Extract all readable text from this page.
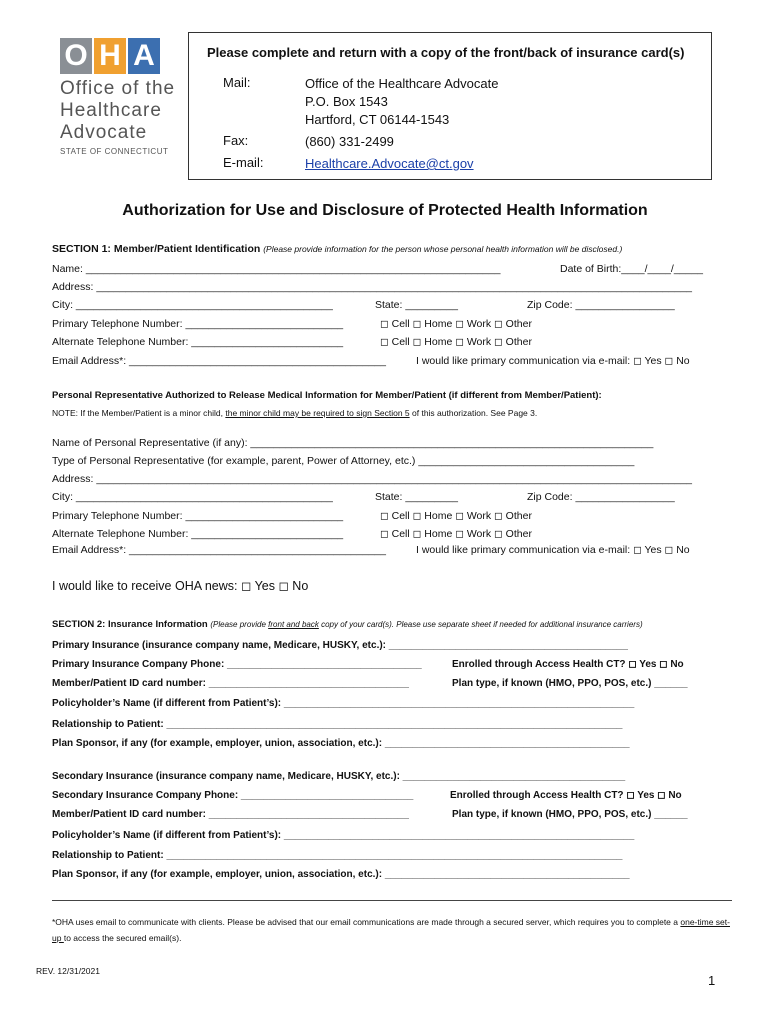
O H A
Office of the
Healthcare
Advocate
STATE OF CONNECTICUT
Please complete and return with a copy of the front/back of insurance card(s)
Mail:	Office of the Healthcare Advocate
P.O. Box 1543
Hartford, CT 06144-1543
Fax:	(860) 331-2499
E-mail:	Healthcare.Advocate@ct.gov
Authorization for Use and Disclosure of Protected Health Information
SECTION 1: Member/Patient Identification (Please provide information for the person whose personal health information will be disclosed.)
Name: _______________________________________________________________________	Date of Birth:____/____/_____
Address: ______________________________________________________________________________________________________
City: ____________________________________________	State: _________	Zip Code: _________________
Primary Telephone Number: ___________________________	◻ Cell ◻ Home ◻ Work ◻ Other
Alternate Telephone Number: __________________________	◻ Cell ◻ Home ◻ Work ◻ Other
Email Address*: ____________________________________________	I would like primary communication via e-mail: ◻ Yes ◻ No
Personal Representative Authorized to Release Medical Information for Member/Patient (if different from Member/Patient):
NOTE: If the Member/Patient is a minor child, the minor child may be required to sign Section 5 of this authorization. See Page 3.
Name of Personal Representative (if any): _____________________________________________________________________
Type of Personal Representative (for example, parent, Power of Attorney, etc.) _____________________________________
Address: ______________________________________________________________________________________________________
City: ____________________________________________	State: _________	Zip Code: _________________
Primary Telephone Number: ___________________________	◻ Cell ◻ Home ◻ Work ◻ Other
Alternate Telephone Number: __________________________	◻ Cell ◻ Home ◻ Work ◻ Other
Email Address*: ____________________________________________	I would like primary communication via e-mail: ◻ Yes ◻ No
I would like to receive OHA news: ◻ Yes ◻ No
SECTION 2: Insurance Information (Please provide front and back copy of your card(s). Please use separate sheet if needed for additional insurance carriers)
Primary Insurance (insurance company name, Medicare, HUSKY, etc.): ___________________________________________
Primary Insurance Company Phone: ___________________________________	Enrolled through Access Health CT? ◻ Yes ◻ No
Member/Patient ID card number: ____________________________________	Plan type, if known (HMO, PPO, POS, etc.) ______
Policyholder’s Name (if different from Patient’s): _______________________________________________________________
Relationship to Patient: __________________________________________________________________________________
Plan Sponsor, if any (for example, employer, union, association, etc.): ____________________________________________
Secondary Insurance (insurance company name, Medicare, HUSKY, etc.): ________________________________________
Secondary Insurance Company Phone: _______________________________	Enrolled through Access Health CT? ◻ Yes ◻ No
Member/Patient ID card number: ____________________________________	Plan type, if known (HMO, PPO, POS, etc.) ______
Policyholder’s Name (if different from Patient’s): _______________________________________________________________
Relationship to Patient: __________________________________________________________________________________
Plan Sponsor, if any (for example, employer, union, association, etc.): ____________________________________________
*OHA uses email to communicate with clients. Please be advised that our email communications are made through a secured server, which requires you to complete a one-time set-up to access the secured email(s).
REV. 12/31/2021
1
